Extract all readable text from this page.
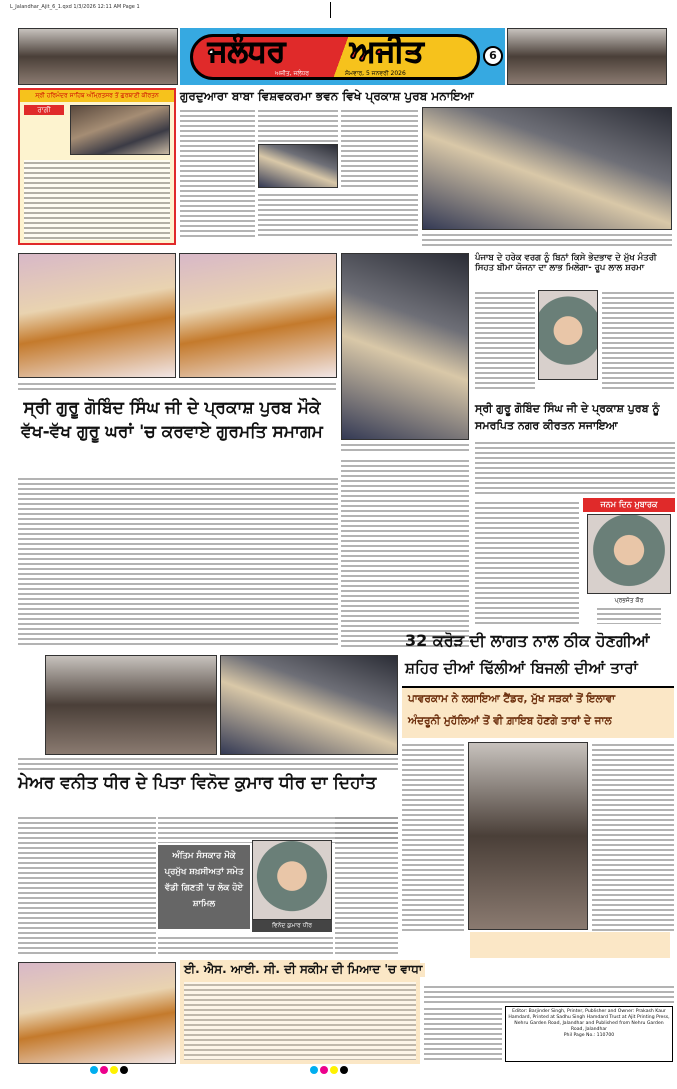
L_Jalandhar_Ajit_6_1.qxd 1/3/2026 12:11 AM Page 1
ਜਲੰਧਰ ਅਜੀਤ
ਅਜੀਤ, ਜਲੰਧਰ	ਸੋਮਵਾਰ, 5 ਜਨਵਰੀ 2026
6
ਸ੍ਰੀ ਹਰਿਮੰਦਰ ਸਾਹਿਬ ਅੰਮ੍ਰਿਤਸਰ ਤੋਂ ਗੁਰਬਾਣੀ ਕੀਰਤਨ
ਰਾਗੀ
ਗੁਰਦੁਆਰਾ ਬਾਬਾ ਵਿਸ਼ਵਕਰਮਾ ਭਵਨ ਵਿਖੇ ਪ੍ਰਕਾਸ਼ ਪੁਰਬ ਮਨਾਇਆ
ਪੰਜਾਬ ਦੇ ਹਰੇਕ ਵਰਗ ਨੂੰ ਬਿਨਾਂ ਕਿਸੇ ਭੇਦਭਾਵ ਦੇ ਮੁੱਖ ਮੰਤਰੀ ਸਿਹਤ ਬੀਮਾ ਯੋਜਨਾ ਦਾ ਲਾਭ ਮਿਲੇਗਾ- ਰੂਪ ਲਾਲ ਸ਼ਰਮਾ
ਸ੍ਰੀ ਗੁਰੂ ਗੋਬਿੰਦ ਸਿੰਘ ਜੀ ਦੇ ਪ੍ਰਕਾਸ਼ ਪੁਰਬ ਮੌਕੇ ਵੱਖ-ਵੱਖ ਗੁਰੂ ਘਰਾਂ 'ਚ ਕਰਵਾਏ ਗੁਰਮਤਿ ਸਮਾਗਮ
ਸ੍ਰੀ ਗੁਰੂ ਗੋਬਿੰਦ ਸਿੰਘ ਜੀ ਦੇ ਪ੍ਰਕਾਸ਼ ਪੁਰਬ ਨੂੰ ਸਮਰਪਿਤ ਨਗਰ ਕੀਰਤਨ ਸਜਾਇਆ
ਜਨਮ ਦਿਨ ਮੁਬਾਰਕ
ਪ੍ਰਭਜੋਤ ਕੌਰ
32 ਕਰੋੜ ਦੀ ਲਾਗਤ ਨਾਲ ਠੀਕ ਹੋਣਗੀਆਂ
ਸ਼ਹਿਰ ਦੀਆਂ ਢਿੱਲੀਆਂ ਬਿਜਲੀ ਦੀਆਂ ਤਾਰਾਂ
ਪਾਵਰਕਾਮ ਨੇ ਲਗਾਇਆ ਟੈਂਡਰ, ਮੁੱਖ ਸੜਕਾਂ ਤੋਂ ਇਲਾਵਾ
ਅੰਦਰੂਨੀ ਮੁਹੱਲਿਆਂ ਤੋਂ ਵੀ ਗ਼ਾਇਬ ਹੋਣਗੇ ਤਾਰਾਂ ਦੇ ਜਾਲ
ਮੇਅਰ ਵਨੀਤ ਧੀਰ ਦੇ ਪਿਤਾ ਵਿਨੋਦ ਕੁਮਾਰ ਧੀਰ ਦਾ ਦਿਹਾਂਤ
ਅੰਤਿਮ ਸੰਸਕਾਰ ਮੌਕੇ ਪ੍ਰਮੁੱਖ ਸ਼ਖ਼ਸੀਅਤਾਂ ਸਮੇਤ ਵੱਡੀ ਗਿਣਤੀ 'ਚ ਲੋਕ ਹੋਏ ਸ਼ਾਮਿਲ
ਵਿਨੋਦ ਕੁਮਾਰ ਧੀਰ
ਈ. ਐਸ. ਆਈ. ਸੀ. ਦੀ ਸਕੀਮ ਦੀ ਮਿਆਦ 'ਚ ਵਾਧਾ
Editor: Barjinder Singh, Printer, Publisher and Owner: Prakash Kaur Hamdard, Printed at Sadhu Singh Hamdard Trust at Ajit Printing Press, Nehru Garden Road, Jalandhar and Published from Nehru Garden Road, Jalandhar
Phil Page No.: 110700
